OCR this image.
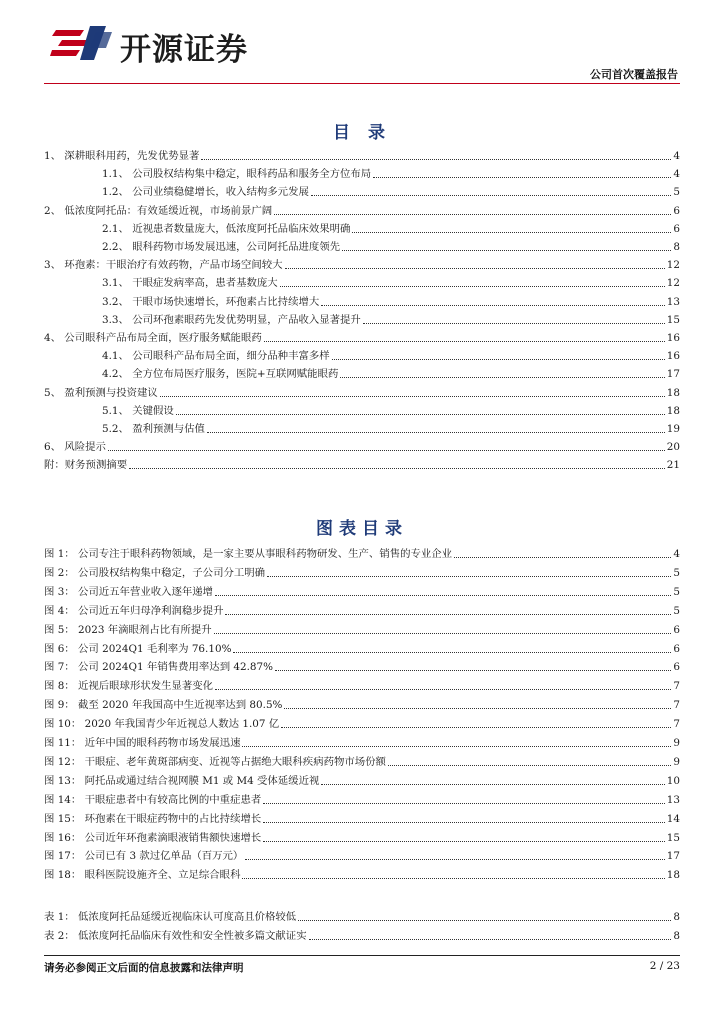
开源证券
公司首次覆盖报告
目 录
1、 深耕眼科用药，先发优势显著	4
1.1、 公司股权结构集中稳定，眼科药品和服务全方位布局	4
1.2、 公司业绩稳健增长，收入结构多元发展	5
2、 低浓度阿托品：有效延缓近视，市场前景广阔	6
2.1、 近视患者数量庞大，低浓度阿托品临床效果明确	6
2.2、 眼科药物市场发展迅速，公司阿托品进度领先	8
3、 环孢素：干眼治疗有效药物，产品市场空间较大	12
3.1、 干眼症发病率高，患者基数庞大	12
3.2、 干眼市场快速增长，环孢素占比持续增大	13
3.3、 公司环孢素眼药先发优势明显，产品收入显著提升	15
4、 公司眼科产品布局全面，医疗服务赋能眼药	16
4.1、 公司眼科产品布局全面，细分品种丰富多样	16
4.2、 全方位布局医疗服务，医院+互联网赋能眼药	17
5、 盈利预测与投资建议	18
5.1、 关键假设	18
5.2、 盈利预测与估值	19
6、 风险提示	20
附：财务预测摘要	21
图表目录
图 1： 公司专注于眼科药物领域，是一家主要从事眼科药物研发、生产、销售的专业企业	4
图 2： 公司股权结构集中稳定，子公司分工明确	5
图 3： 公司近五年营业收入逐年递增	5
图 4： 公司近五年归母净利润稳步提升	5
图 5： 2023 年滴眼剂占比有所提升	6
图 6： 公司 2024Q1 毛利率为 76.10%	6
图 7： 公司 2024Q1 年销售费用率达到 42.87%	6
图 8： 近视后眼球形状发生显著变化	7
图 9： 截至 2020 年我国高中生近视率达到 80.5%	7
图 10： 2020 年我国青少年近视总人数达 1.07 亿	7
图 11： 近年中国的眼科药物市场发展迅速	9
图 12： 干眼症、老年黄斑部病变、近视等占据绝大眼科疾病药物市场份额	9
图 13： 阿托品或通过结合视网膜 M1 或 M4 受体延缓近视	10
图 14： 干眼症患者中有较高比例的中重症患者	13
图 15： 环孢素在干眼症药物中的占比持续增长	14
图 16： 公司近年环孢素滴眼液销售额快速增长	15
图 17： 公司已有 3 款过亿单品（百万元）	17
图 18： 眼科医院设施齐全、立足综合眼科	18
表 1： 低浓度阿托品延缓近视临床认可度高且价格较低	8
表 2： 低浓度阿托品临床有效性和安全性被多篇文献证实	8
请务必参阅正文后面的信息披露和法律声明	2 / 23
